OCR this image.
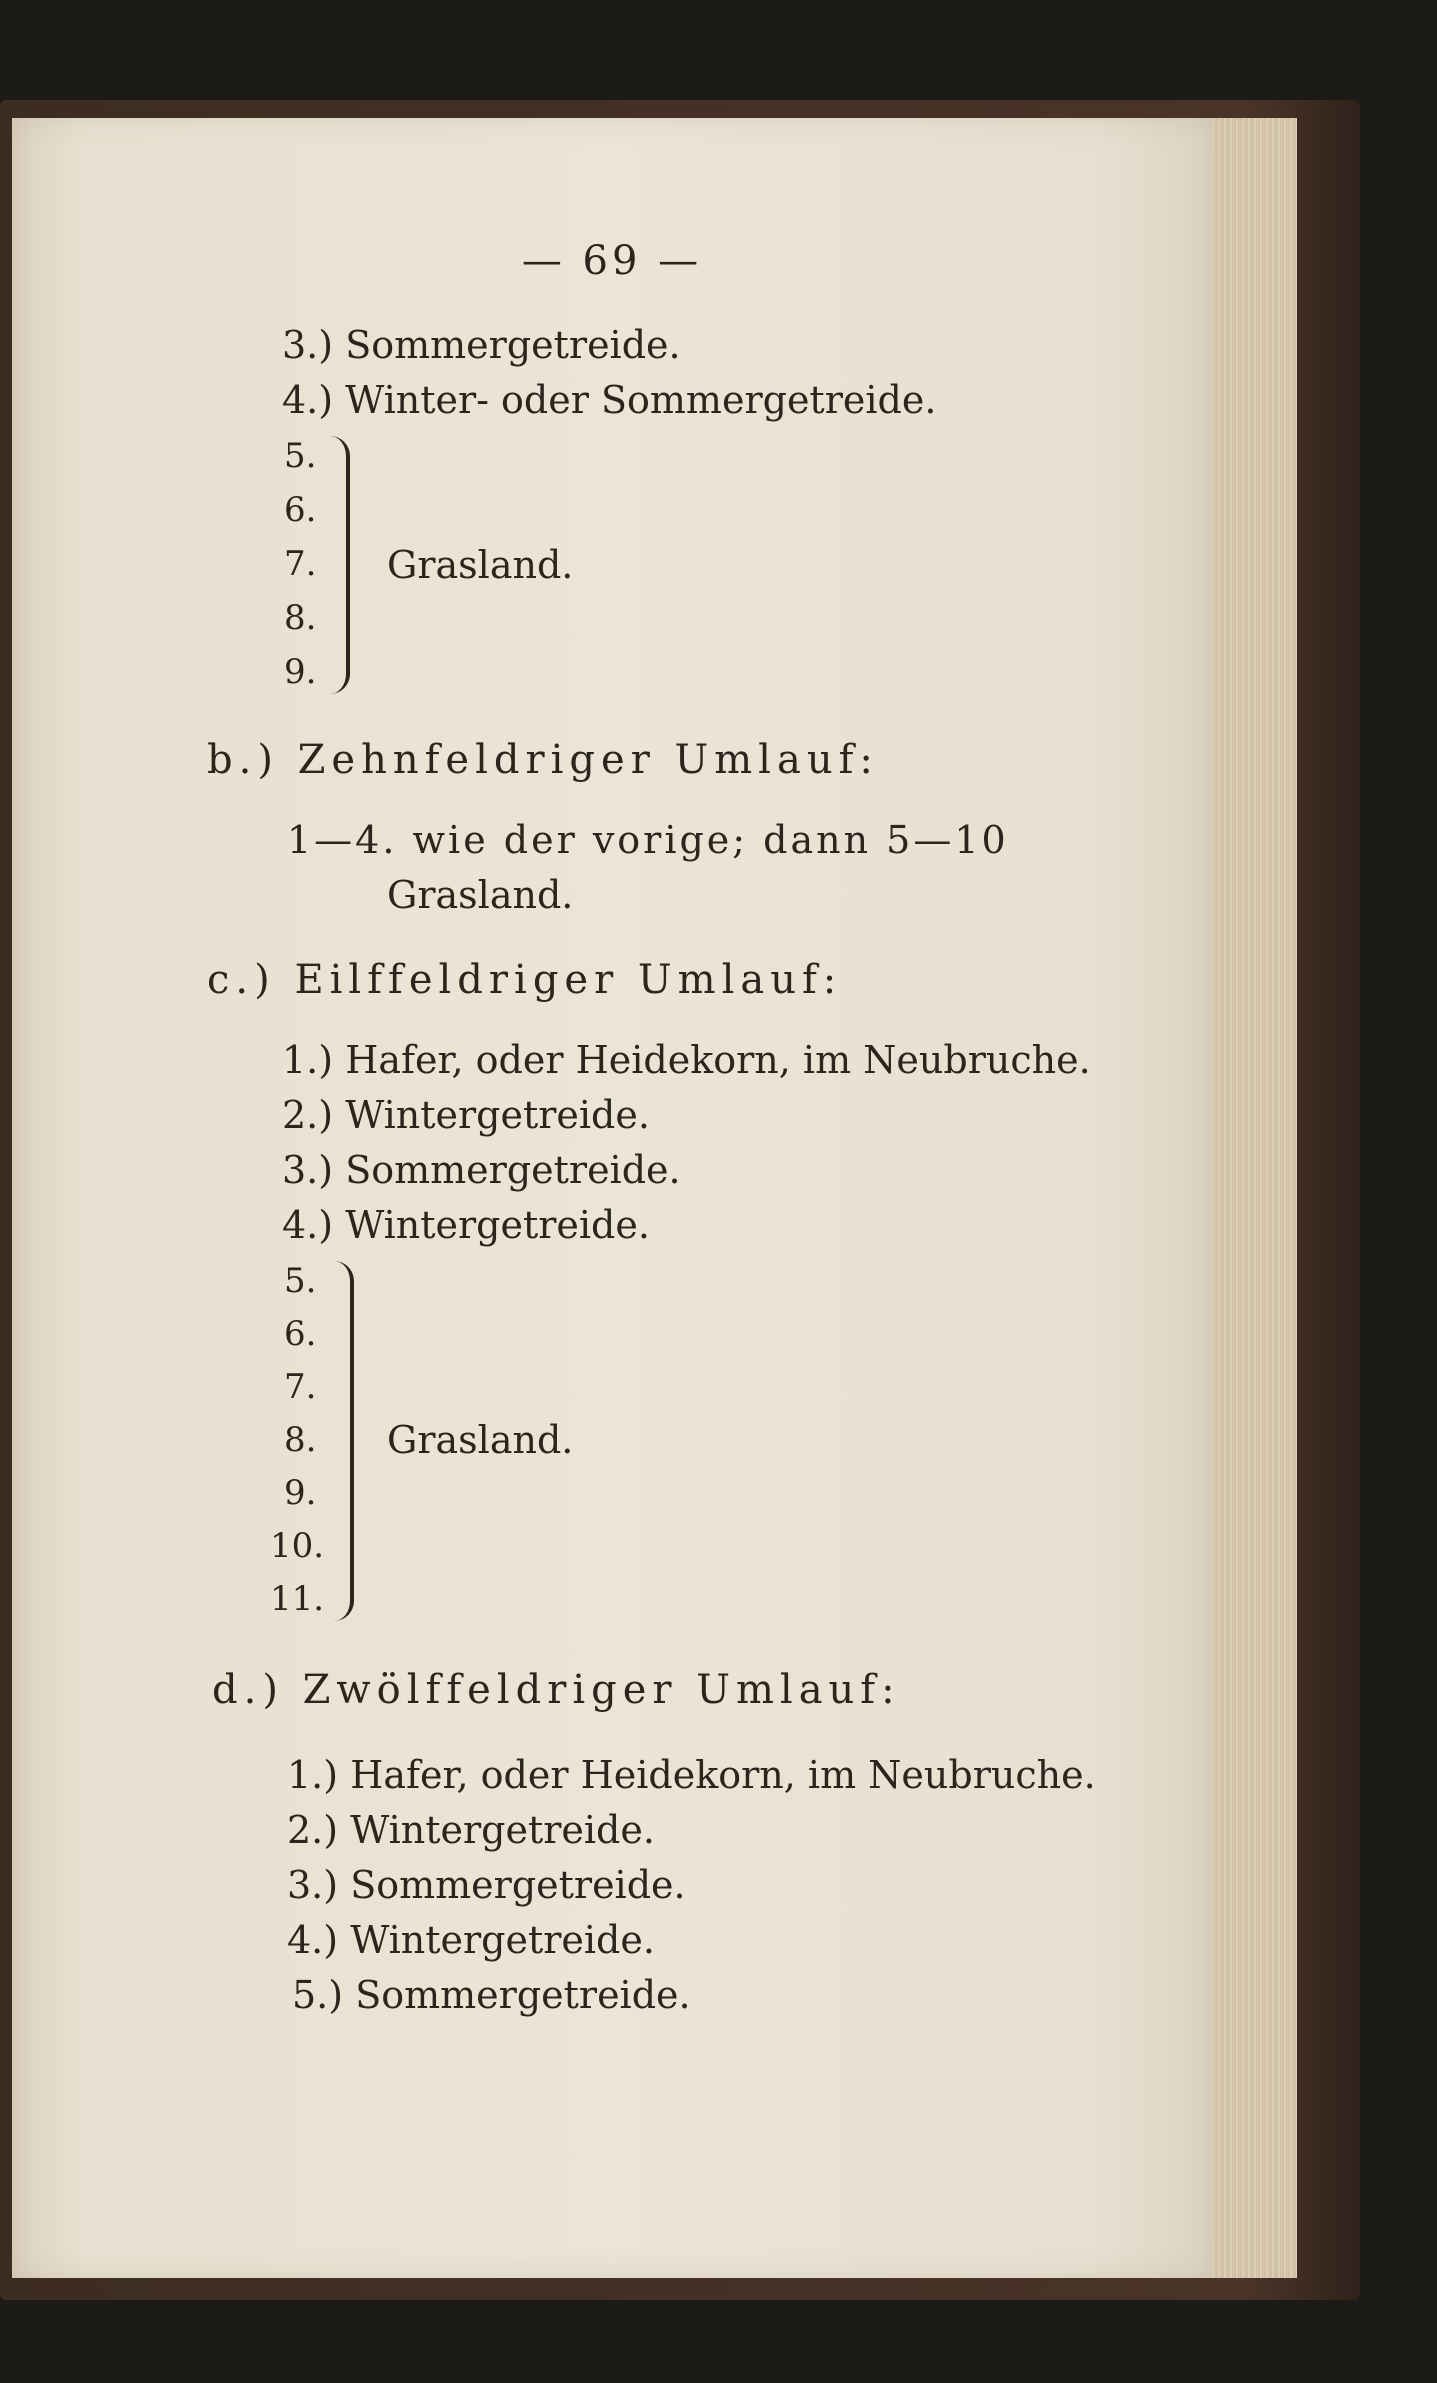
— 69 —
3.) Sommergetreide.
4.) Winter- oder Sommergetreide.
5.
6.
7.
8.
9.
Grasland.
b.) Zehnfeldriger Umlauf:
1—4. wie der vorige; dann 5—10
Grasland.
c.) Eilffeldriger Umlauf:
1.) Hafer, oder Heidekorn, im Neubruche.
2.) Wintergetreide.
3.) Sommergetreide.
4.) Wintergetreide.
5.
6.
7.
8.
9.
10.
11.
Grasland.
d.) Zwölffeldriger Umlauf:
1.) Hafer, oder Heidekorn, im Neubruche.
2.) Wintergetreide.
3.) Sommergetreide.
4.) Wintergetreide.
5.) Sommergetreide.
